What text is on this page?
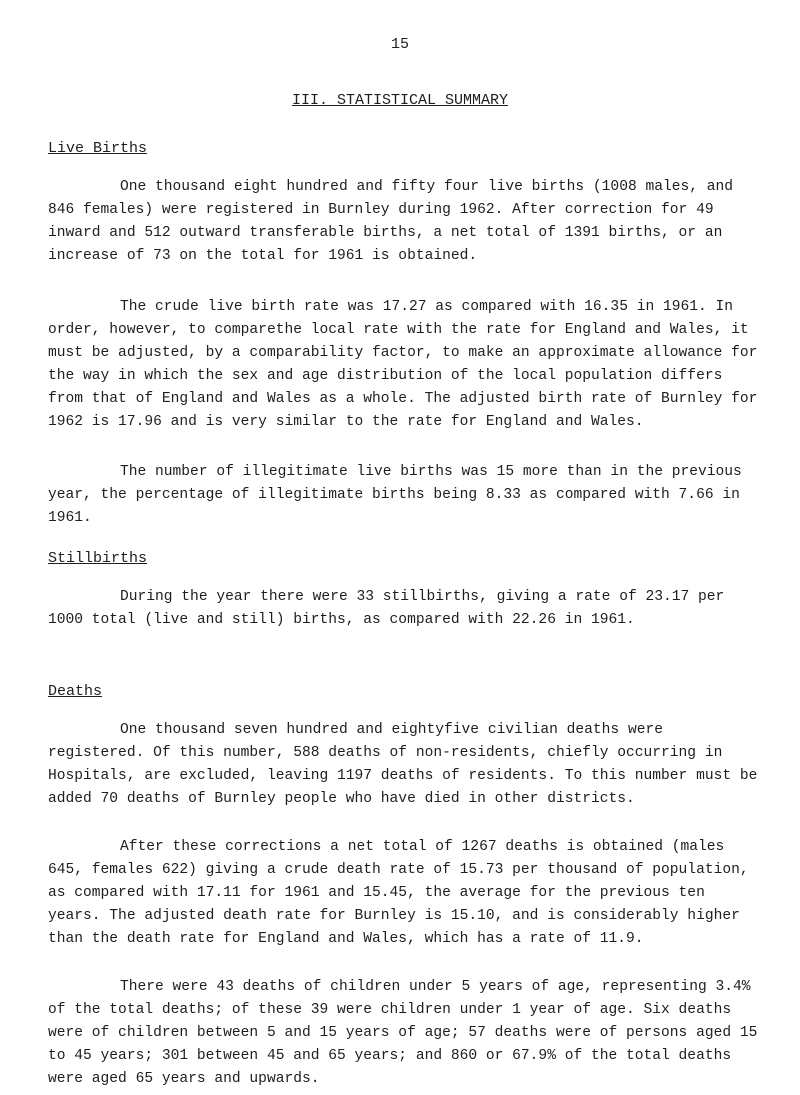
15
III. STATISTICAL SUMMARY
Live Births

One thousand eight hundred and fifty four live births (1008 males, and 846 females) were registered in Burnley during 1962. After correction for 49 inward and 512 outward transferable births, a net total of 1391 births, or an increase of 73 on the total for 1961 is obtained.

The crude live birth rate was 17.27 as compared with 16.35 in 1961. In order, however, to comparethe local rate with the rate for England and Wales, it must be adjusted, by a comparability factor, to make an approximate allowance for the way in which the sex and age distribution of the local population differs from that of England and Wales as a whole. The adjusted birth rate of Burnley for 1962 is 17.96 and is very similar to the rate for England and Wales.

The number of illegitimate live births was 15 more than in the previous year, the percentage of illegitimate births being 8.33 as compared with 7.66 in 1961.

Stillbirths

During the year there were 33 stillbirths, giving a rate of 23.17 per 1000 total (live and still) births, as compared with 22.26 in 1961.

Deaths

One thousand seven hundred and eightyfive civilian deaths were registered. Of this number, 588 deaths of non-residents, chiefly occurring in Hospitals, are excluded, leaving 1197 deaths of residents. To this number must be added 70 deaths of Burnley people who have died in other districts.

After these corrections a net total of 1267 deaths is obtained (males 645, females 622) giving a crude death rate of 15.73 per thousand of population, as compared with 17.11 for 1961 and 15.45, the average for the previous ten years. The adjusted death rate for Burnley is 15.10, and is considerably higher than the death rate for England and Wales, which has a rate of 11.9.

There were 43 deaths of children under 5 years of age, representing 3.4% of the total deaths; of these 39 were children under 1 year of age. Six deaths were of children between 5 and 15 years of age; 57 deaths were of persons aged 15 to 45 years; 301 between 45 and 65 years; and 860 or 67.9% of the total deaths were aged 65 years and upwards.
